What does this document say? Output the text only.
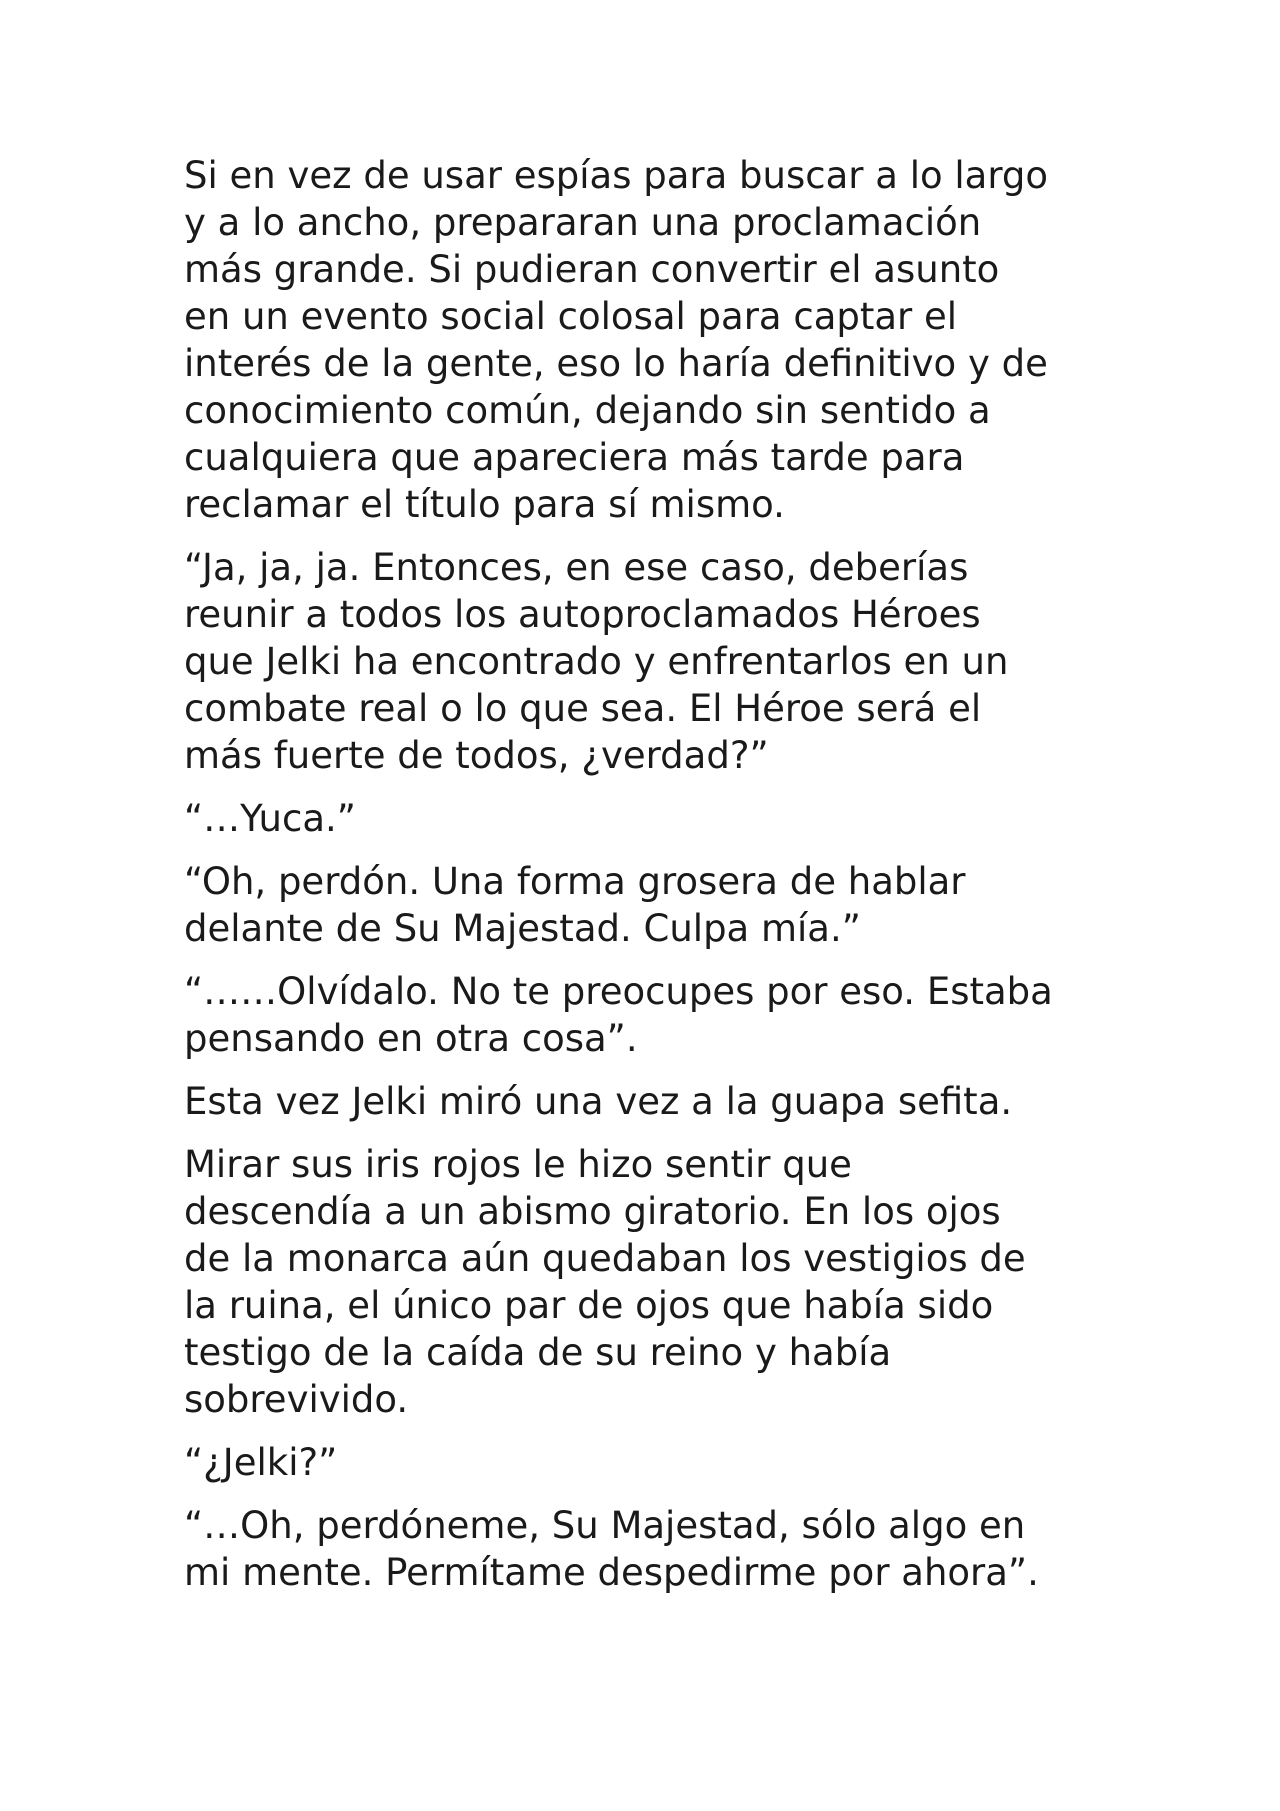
Si en vez de usar espías para buscar a lo largo
y a lo ancho, prepararan una proclamación
más grande. Si pudieran convertir el asunto
en un evento social colosal para captar el
interés de la gente, eso lo haría definitivo y de
conocimiento común, dejando sin sentido a
cualquiera que apareciera más tarde para
reclamar el título para sí mismo.

“Ja, ja, ja. Entonces, en ese caso, deberías
reunir a todos los autoproclamados Héroes
que Jelki ha encontrado y enfrentarlos en un
combate real o lo que sea. El Héroe será el
más fuerte de todos, ¿verdad?”

“…Yuca.”

“Oh, perdón. Una forma grosera de hablar
delante de Su Majestad. Culpa mía.”

“……Olvídalo. No te preocupes por eso. Estaba
pensando en otra cosa”.

Esta vez Jelki miró una vez a la guapa sefita.

Mirar sus iris rojos le hizo sentir que
descendía a un abismo giratorio. En los ojos
de la monarca aún quedaban los vestigios de
la ruina, el único par de ojos que había sido
testigo de la caída de su reino y había
sobrevivido.

“¿Jelki?”

“…Oh, perdóneme, Su Majestad, sólo algo en
mi mente. Permítame despedirme por ahora”.
